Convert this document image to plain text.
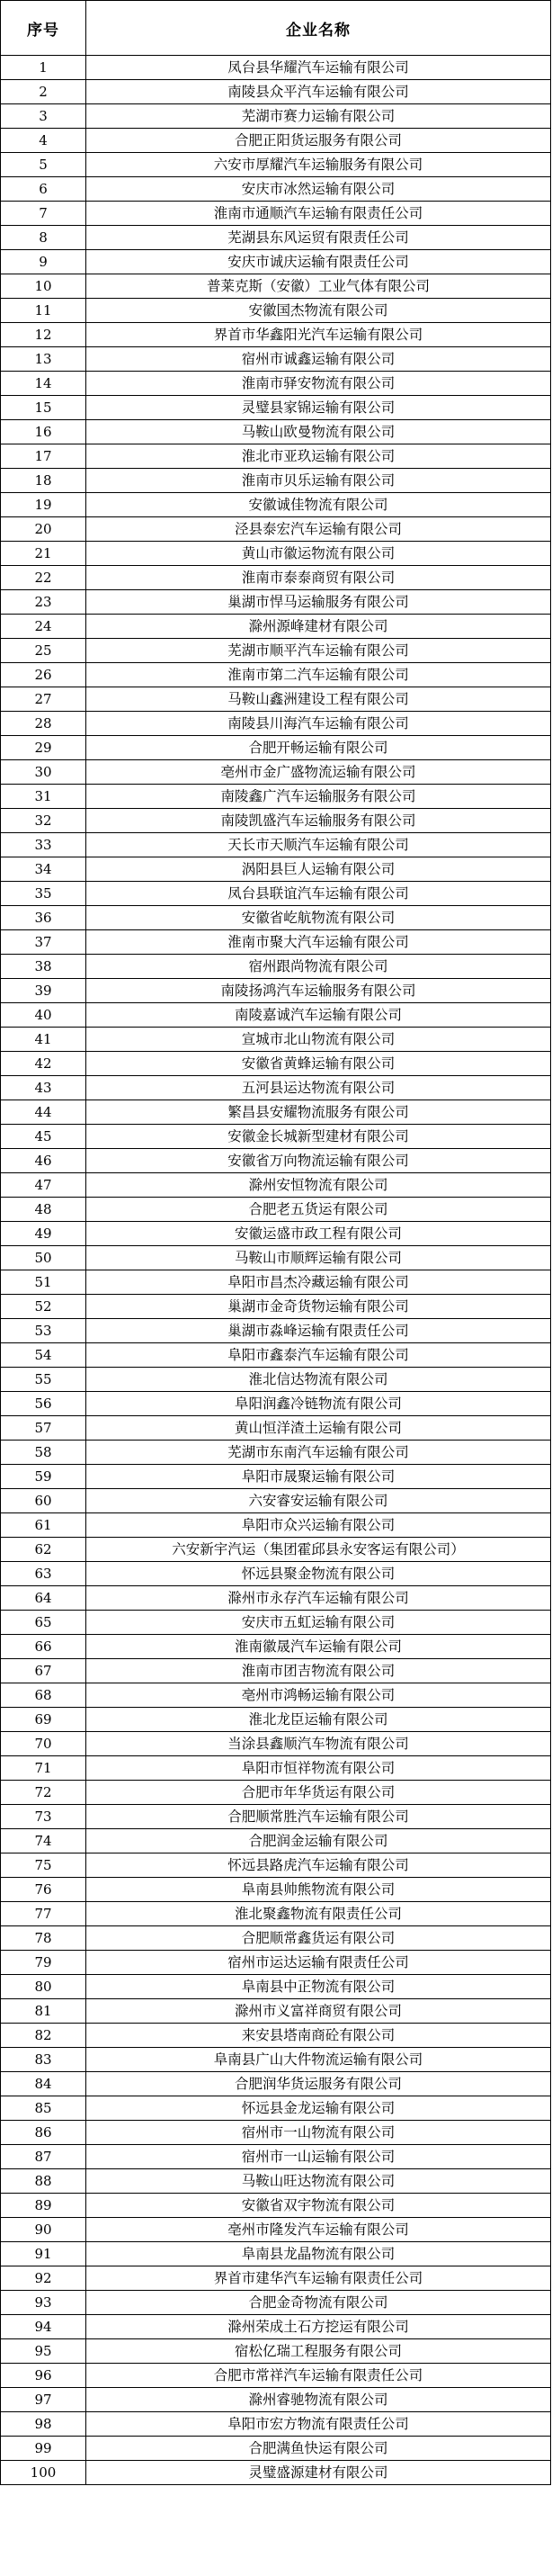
序号	企业名称
1	凤台县华耀汽车运输有限公司
2	南陵县众平汽车运输有限公司
3	芜湖市赛力运输有限公司
4	合肥正阳货运服务有限公司
5	六安市厚耀汽车运输服务有限公司
6	安庆市冰然运输有限公司
7	淮南市通顺汽车运输有限责任公司
8	芜湖县东风运贸有限责任公司
9	安庆市诚庆运输有限责任公司
10	普莱克斯（安徽）工业气体有限公司
11	安徽国杰物流有限公司
12	界首市华鑫阳光汽车运输有限公司
13	宿州市诚鑫运输有限公司
14	淮南市驿安物流有限公司
15	灵璧县家锦运输有限公司
16	马鞍山欧曼物流有限公司
17	淮北市亚玖运输有限公司
18	淮南市贝乐运输有限公司
19	安徽诚佳物流有限公司
20	泾县泰宏汽车运输有限公司
21	黄山市徽运物流有限公司
22	淮南市泰泰商贸有限公司
23	巢湖市悍马运输服务有限公司
24	滁州源峰建材有限公司
25	芜湖市顺平汽车运输有限公司
26	淮南市第二汽车运输有限公司
27	马鞍山鑫洲建设工程有限公司
28	南陵县川海汽车运输有限公司
29	合肥开畅运输有限公司
30	亳州市金广盛物流运输有限公司
31	南陵鑫广汽车运输服务有限公司
32	南陵凯盛汽车运输服务有限公司
33	天长市天顺汽车运输有限公司
34	涡阳县巨人运输有限公司
35	凤台县联谊汽车运输有限公司
36	安徽省屹航物流有限公司
37	淮南市聚大汽车运输有限公司
38	宿州跟尚物流有限公司
39	南陵扬鸿汽车运输服务有限公司
40	南陵嘉诚汽车运输有限公司
41	宣城市北山物流有限公司
42	安徽省黄蜂运输有限公司
43	五河县运达物流有限公司
44	繁昌县安耀物流服务有限公司
45	安徽金长城新型建材有限公司
46	安徽省万向物流运输有限公司
47	滁州安恒物流有限公司
48	合肥老五货运有限公司
49	安徽运盛市政工程有限公司
50	马鞍山市顺辉运输有限公司
51	阜阳市昌杰冷藏运输有限公司
52	巢湖市金奇货物运输有限公司
53	巢湖市淼峰运输有限责任公司
54	阜阳市鑫泰汽车运输有限公司
55	淮北信达物流有限公司
56	阜阳润鑫冷链物流有限公司
57	黄山恒洋渣土运输有限公司
58	芜湖市东南汽车运输有限公司
59	阜阳市晟聚运输有限公司
60	六安睿安运输有限公司
61	阜阳市众兴运输有限公司
62	六安新宇汽运（集团霍邱县永安客运有限公司）
63	怀远县聚金物流有限公司
64	滁州市永存汽车运输有限公司
65	安庆市五虹运输有限公司
66	淮南徽晟汽车运输有限公司
67	淮南市团吉物流有限公司
68	亳州市鸿畅运输有限公司
69	淮北龙臣运输有限公司
70	当涂县鑫顺汽车物流有限公司
71	阜阳市恒祥物流有限公司
72	合肥市年华货运有限公司
73	合肥顺常胜汽车运输有限公司
74	合肥润金运输有限公司
75	怀远县路虎汽车运输有限公司
76	阜南县帅熊物流有限公司
77	淮北聚鑫物流有限责任公司
78	合肥顺常鑫货运有限公司
79	宿州市运达运输有限责任公司
80	阜南县中正物流有限公司
81	滁州市义富祥商贸有限公司
82	来安县塔南商砼有限公司
83	阜南县广山大件物流运输有限公司
84	合肥润华货运服务有限公司
85	怀远县金龙运输有限公司
86	宿州市一山物流有限公司
87	宿州市一山运输有限公司
88	马鞍山旺达物流有限公司
89	安徽省双宇物流有限公司
90	亳州市隆发汽车运输有限公司
91	阜南县龙晶物流有限公司
92	界首市建华汽车运输有限责任公司
93	合肥金奇物流有限公司
94	滁州荣成土石方挖运有限公司
95	宿松亿瑞工程服务有限公司
96	合肥市常祥汽车运输有限责任公司
97	滁州睿驰物流有限公司
98	阜阳市宏方物流有限责任公司
99	合肥满鱼快运有限公司
100	灵璧盛源建材有限公司
